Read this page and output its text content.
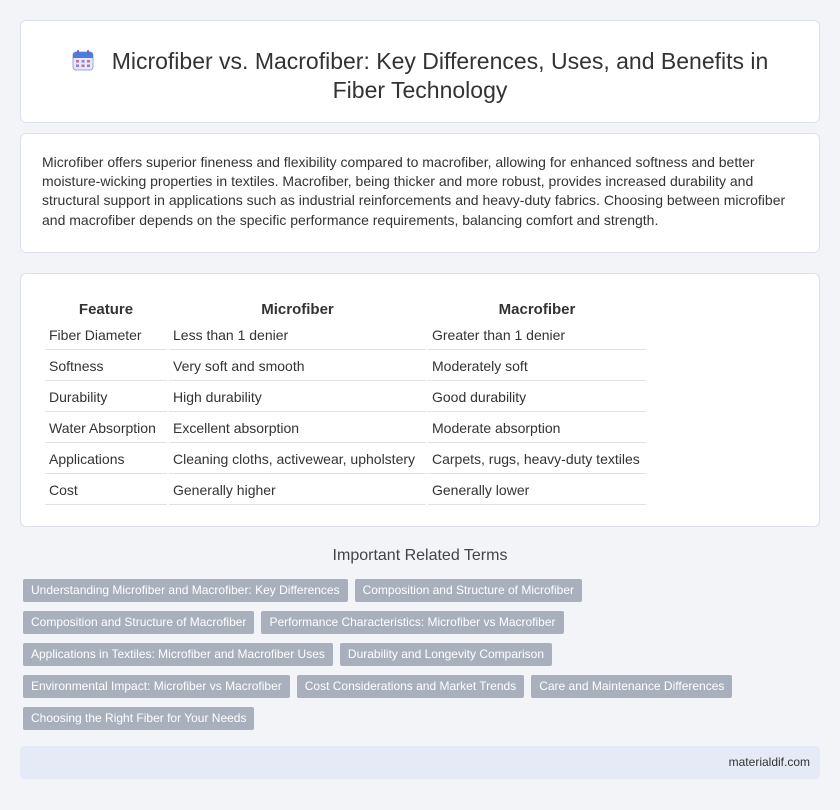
Microfiber vs. Macrofiber: Key Differences, Uses, and Benefits in Fiber Technology

Microfiber offers superior fineness and flexibility compared to macrofiber, allowing for enhanced softness and better moisture-wicking properties in textiles. Macrofiber, being thicker and more robust, provides increased durability and structural support in applications such as industrial reinforcements and heavy-duty fabrics. Choosing between microfiber and macrofiber depends on the specific performance requirements, balancing comfort and strength.

Feature	Microfiber	Macrofiber
Fiber Diameter	Less than 1 denier	Greater than 1 denier
Softness	Very soft and smooth	Moderately soft
Durability	High durability	Good durability
Water Absorption	Excellent absorption	Moderate absorption
Applications	Cleaning cloths, activewear, upholstery	Carpets, rugs, heavy-duty textiles
Cost	Generally higher	Generally lower
Important Related Terms
Understanding Microfiber and Macrofiber: Key Differences	Composition and Structure of Microfiber
Composition and Structure of Macrofiber	Performance Characteristics: Microfiber vs Macrofiber
Applications in Textiles: Microfiber and Macrofiber Uses	Durability and Longevity Comparison
Environmental Impact: Microfiber vs Macrofiber	Cost Considerations and Market Trends	Care and Maintenance Differences
Choosing the Right Fiber for Your Needs
materialdif.com
